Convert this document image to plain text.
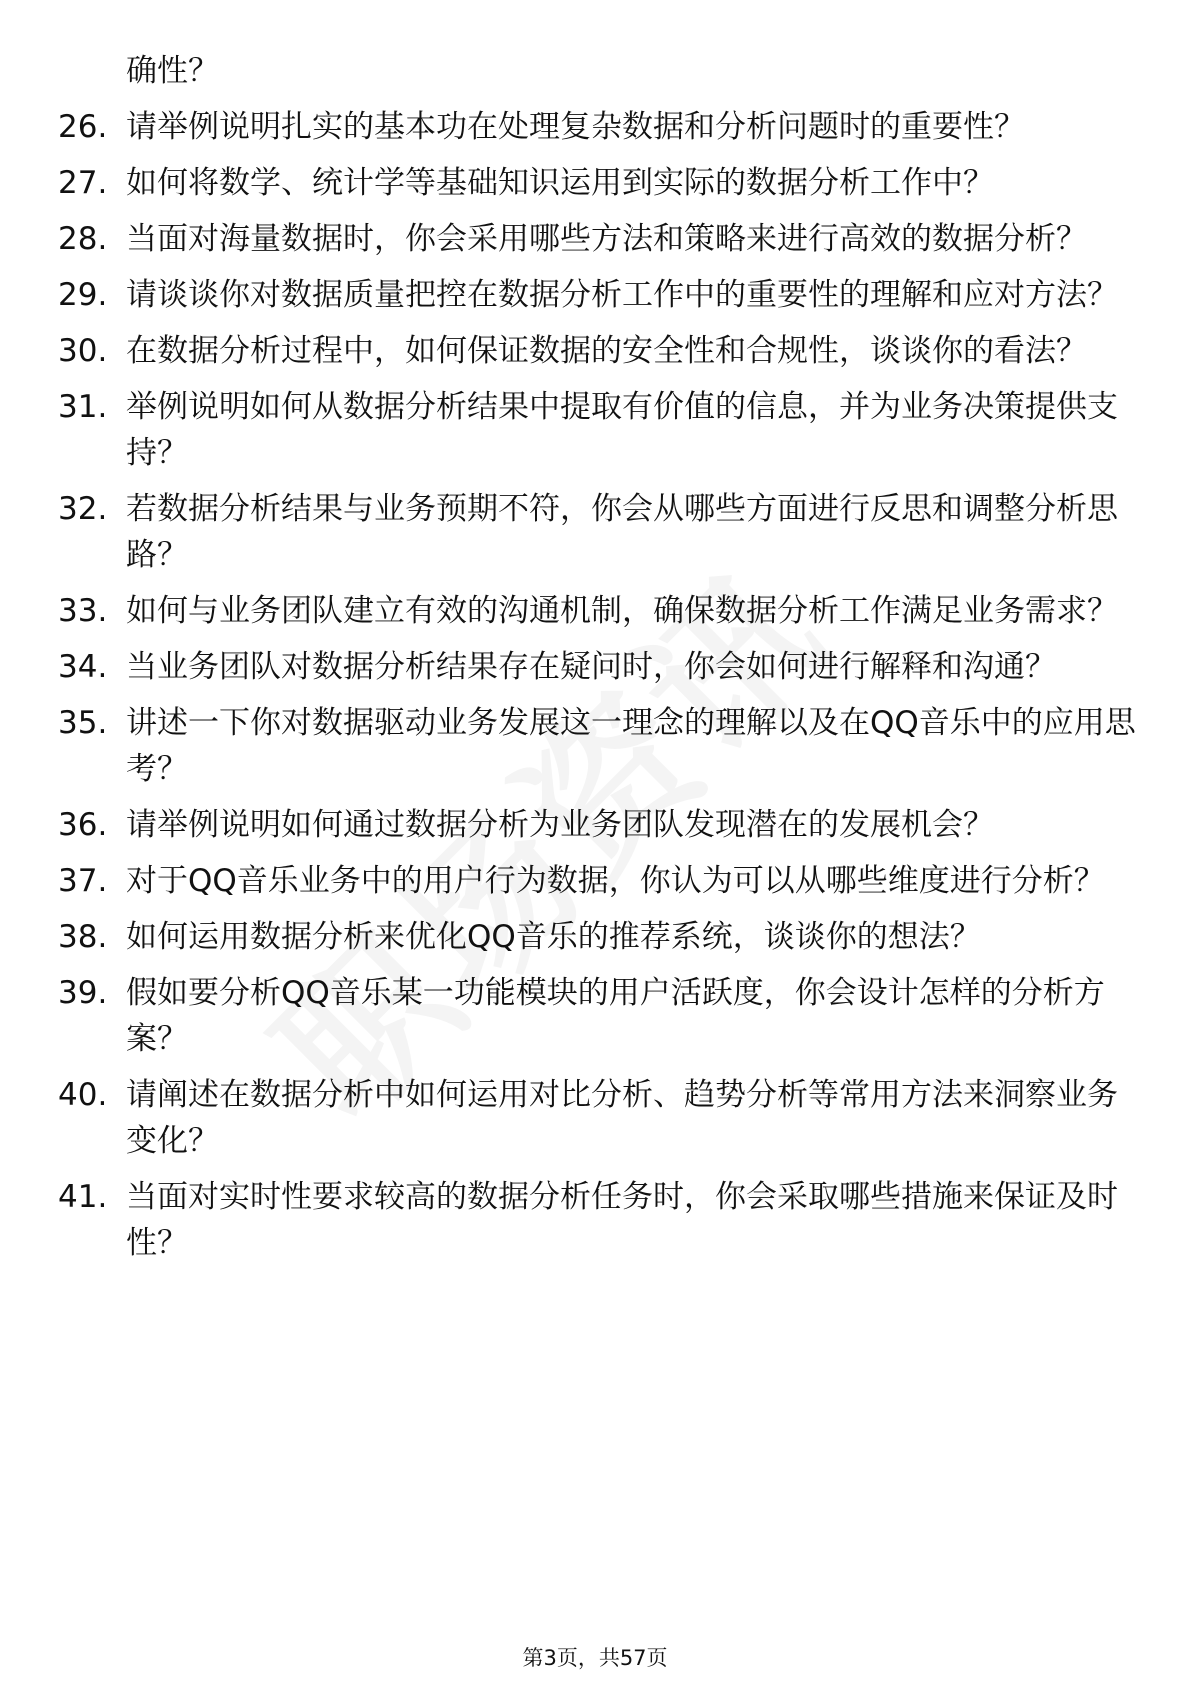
确性？
26. 请举例说明扎实的基本功在处理复杂数据和分析问题时的重要性？
27. 如何将数学、统计学等基础知识运用到实际的数据分析工作中？
28. 当面对海量数据时，你会采用哪些方法和策略来进行高效的数据分析？
29. 请谈谈你对数据质量把控在数据分析工作中的重要性的理解和应对方法？
30. 在数据分析过程中，如何保证数据的安全性和合规性，谈谈你的看法？
31. 举例说明如何从数据分析结果中提取有价值的信息，并为业务决策提供支持？
32. 若数据分析结果与业务预期不符，你会从哪些方面进行反思和调整分析思路？
33. 如何与业务团队建立有效的沟通机制，确保数据分析工作满足业务需求？
34. 当业务团队对数据分析结果存在疑问时，你会如何进行解释和沟通？
35. 讲述一下你对数据驱动业务发展这一理念的理解以及在QQ音乐中的应用思考？
36. 请举例说明如何通过数据分析为业务团队发现潜在的发展机会？
37. 对于QQ音乐业务中的用户行为数据，你认为可以从哪些维度进行分析？
38. 如何运用数据分析来优化QQ音乐的推荐系统，谈谈你的想法？
39. 假如要分析QQ音乐某一功能模块的用户活跃度，你会设计怎样的分析方案？
40. 请阐述在数据分析中如何运用对比分析、趋势分析等常用方法来洞察业务变化？
41. 当面对实时性要求较高的数据分析任务时，你会采取哪些措施来保证及时性？
第3页，共57页
